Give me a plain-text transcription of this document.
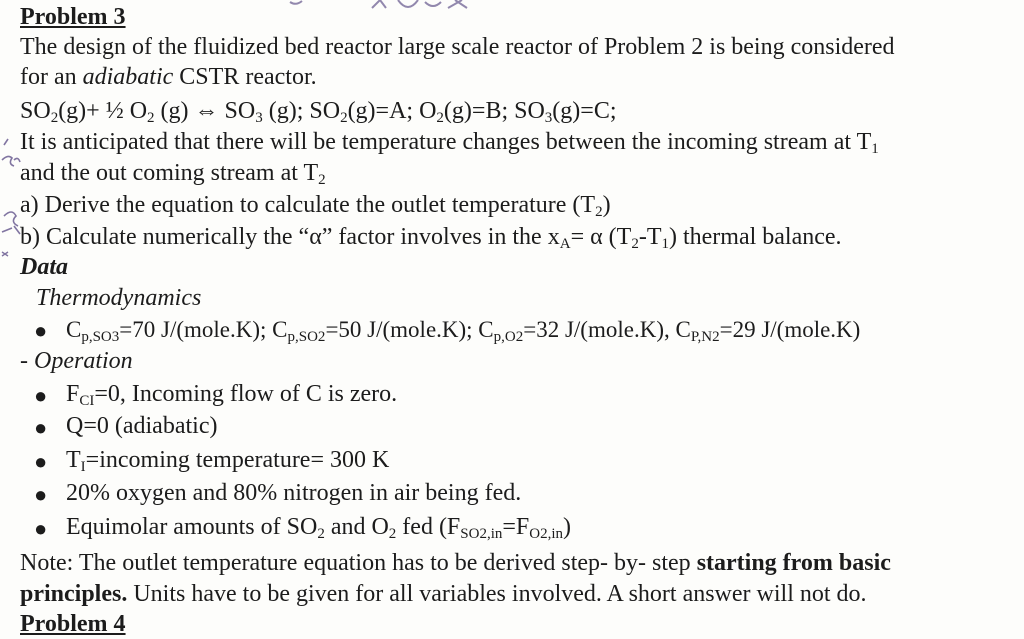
Problem 3
The design of the fluidized bed reactor large scale reactor of Problem 2 is being considered
for an adiabatic CSTR reactor.
$SO_2(g)+$ ½ $O_2$ (g) ⇔ $SO_3$ (g); $SO_2(g)=A$; $O_2(g)=B$; $SO_3(g)=C$;
It is anticipated that there will be temperature changes between the incoming stream at $T_1$
and the out coming stream at $T_2$
a) Derive the equation to calculate the outlet temperature $(T_2)$
b) Calculate numerically the “α” factor involves in the $x_A= \alpha$ $(T_2-T_1)$ thermal balance.
Data
Thermodynamics
● $C_{p,SO3}=70$ J/(mole.K); $C_{p,SO2}=50$ J/(mole.K); $C_{p,O2}=32$ J/(mole.K), $C_{P,N2}=29$ J/(mole.K)
- Operation
● $F_{CI}=0$, Incoming flow of C is zero.
● Q=0 (adiabatic)
● $T_I=incoming$ temperature= 300 K
● 20% oxygen and 80% nitrogen in air being fed.
● Equimolar amounts of $SO_2$ and $O_2$ fed $(F_{SO2,in}=F_{O2,in})$
Note: The outlet temperature equation has to be derived step- by- step starting from basic
principles. Units have to be given for all variables involved. A short answer will not do.
Problem 4
